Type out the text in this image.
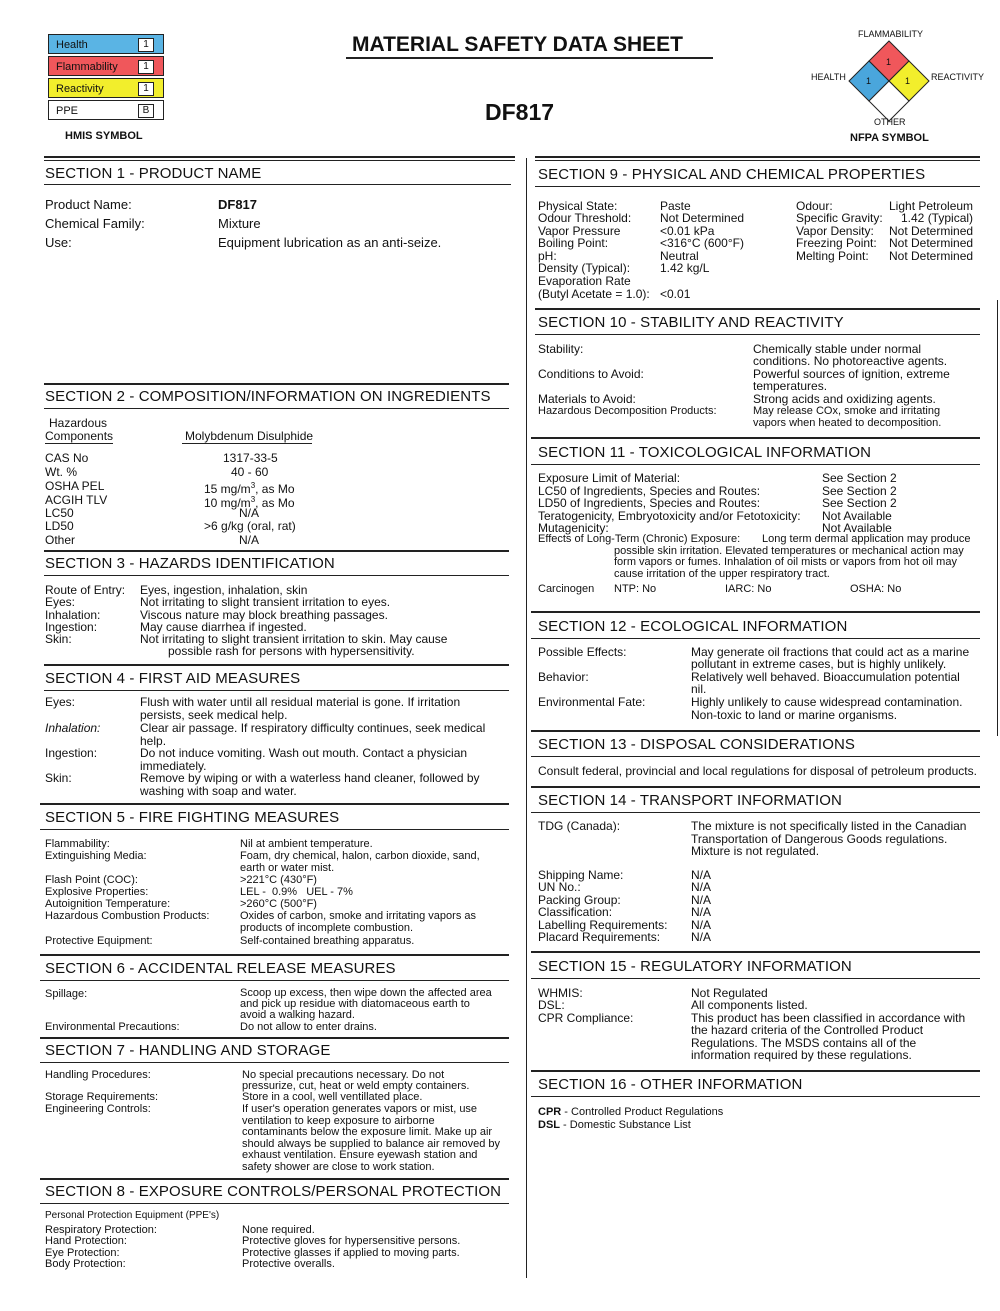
Health	1
Flammability	1
Reactivity	1
PPE	B
HMIS SYMBOL
MATERIAL SAFETY DATA SHEET
DF817
1
1	1
FLAMMABILITY
HEALTH	REACTIVITY
OTHER
NFPA SYMBOL
SECTION 1 - PRODUCT NAME
Product Name:	DF817
Chemical Family:	Mixture
Use:	Equipment lubrication as an anti-seize.
SECTION 2 - COMPOSITION/INFORMATION ON INGREDIENTS
Hazardous
Components	Molybdenum Disulphide
CAS No	1317-33-5
Wt. %	40 - 60
OSHA PEL	15 $mg/m^3$, as Mo
ACGIH TLV	10 $mg/m^3$, as Mo
LC50	N/A
LD50	>6 g/kg (oral, rat)
Other	N/A
SECTION 3 - HAZARDS IDENTIFICATION
Route of Entry: Eyes, ingestion, inhalation, skin
Eyes:	Not irritating to slight transient irritation to eyes.
Inhalation:	Viscous nature may block breathing passages.
Ingestion:	May cause diarrhea if ingested.
Skin:	Not irritating to slight transient irritation to skin. May cause
possible rash for persons with hypersensitivity.
SECTION 4 - FIRST AID MEASURES
Eyes:	Flush with water until all residual material is gone. If irritation
persists, seek medical help.
Inhalation:	Clear air passage. If respiratory difficulty continues, seek medical
help.
Ingestion:	Do not induce vomiting. Wash out mouth. Contact a physician
immediately.
Skin:	Remove by wiping or with a waterless hand cleaner, followed by
washing with soap and water.
SECTION 5 - FIRE FIGHTING MEASURES
Flammability:	Nil at ambient temperature.
Extinguishing Media:	Foam, dry chemical, halon, carbon dioxide, sand,
earth or water mist.
Flash Point (COC):	>221°C (430°F)
Explosive Properties:	LEL -  0.9%   UEL - 7%
Autoignition Temperature:	>260°C (500°F)
Hazardous Combustion Products:	Oxides of carbon, smoke and irritating vapors as
products of incomplete combustion.
Protective Equipment:	Self-contained breathing apparatus.
SECTION 6 - ACCIDENTAL RELEASE MEASURES
Spillage:	Scoop up excess, then wipe down the affected area
and pick up residue with diatomaceous earth to
avoid a walking hazard.
Environmental Precautions:	Do not allow to enter drains.
SECTION 7 - HANDLING AND STORAGE
Handling Procedures:	No special precautions necessary. Do not
pressurize, cut, heat or weld empty containers.
Storage Requirements:	Store in a cool, well ventillated place.
Engineering Controls:	If user's operation generates vapors or mist, use
ventilation to keep exposure to airborne
contaminants below the exposure limit. Make up air
should always be supplied to balance air removed by
exhaust ventilation. Ensure eyewash station and
safety shower are close to work station.
SECTION 8 - EXPOSURE CONTROLS/PERSONAL PROTECTION
Personal Protection Equipment (PPE's)
Respiratory Protection:	None required.
Hand Protection:	Protective gloves for hypersensitive persons.
Eye Protection:	Protective glasses if applied to moving parts.
Body Protection:	Protective overalls.
SECTION 9 - PHYSICAL AND CHEMICAL PROPERTIES
Physical State:	Paste
Odour Threshold: Not Determined
Vapor Pressure	<0.01 kPa
Boiling Point:	<316°C (600°F)
pH:	Neutral
Density (Typical): 1.42 kg/L
Evaporation Rate
(Butyl Acetate = 1.0): <0.01
Odour:	Light Petroleum
Specific Gravity: 1.42 (Typical)
Vapor Density: Not Determined
Freezing Point: Not Determined
Melting Point: Not Determined
SECTION 10 - STABILITY AND REACTIVITY
Stability:	Chemically stable under normal
conditions. No photoreactive agents.
Conditions to Avoid:	Powerful sources of ignition, extreme
temperatures.
Materials to Avoid:	Strong acids and oxidizing agents.
Hazardous Decomposition Products:	May release COx, smoke and irritating
vapors when heated to decomposition.
SECTION 11 - TOXICOLOGICAL INFORMATION
Exposure Limit of Material:	See Section 2
LC50 of Ingredients, Species and Routes:	See Section 2
LD50 of Ingredients, Species and Routes:	See Section 2
Teratogenicity, Embryotoxicity and/or Fetotoxicity: Not Available
Mutagenicity:	Not Available
Effects of Long-Term (Chronic) Exposure: Long term dermal application may produce
possible skin irritation. Elevated temperatures or mechanical action may
form vapors or fumes. Inhalation of oil mists or vapors from hot oil may
cause irritation of the upper respiratory tract.
Carcinogen NTP: No	IARC: No	OSHA: No
SECTION 12 - ECOLOGICAL INFORMATION
Possible Effects:	May generate oil fractions that could act as a marine
pollutant in extreme cases, but is highly unlikely.
Behavior:	Relatively well behaved. Bioaccumulation potential
nil.
Environmental Fate:	Highly unlikely to cause widespread contamination.
Non-toxic to land or marine organisms.
SECTION 13 - DISPOSAL CONSIDERATIONS
Consult federal, provincial and local regulations for disposal of petroleum products.
SECTION 14 - TRANSPORT INFORMATION
TDG (Canada):	The mixture is not specifically listed in the Canadian
Transportation of Dangerous Goods regulations.
Mixture is not regulated.
Shipping Name:	N/A
UN No.:	N/A
Packing Group:	N/A
Classification:	N/A
Labelling Requirements: N/A
Placard Requirements:	N/A
SECTION 15 - REGULATORY INFORMATION
WHMIS:	Not Regulated
DSL:	All components listed.
CPR Compliance:	This product has been classified in accordance with
the hazard criteria of the Controlled Product
Regulations. The MSDS contains all of the
information required by these regulations.
SECTION 16 - OTHER INFORMATION
CPR - Controlled Product Regulations
DSL - Domestic Substance List
